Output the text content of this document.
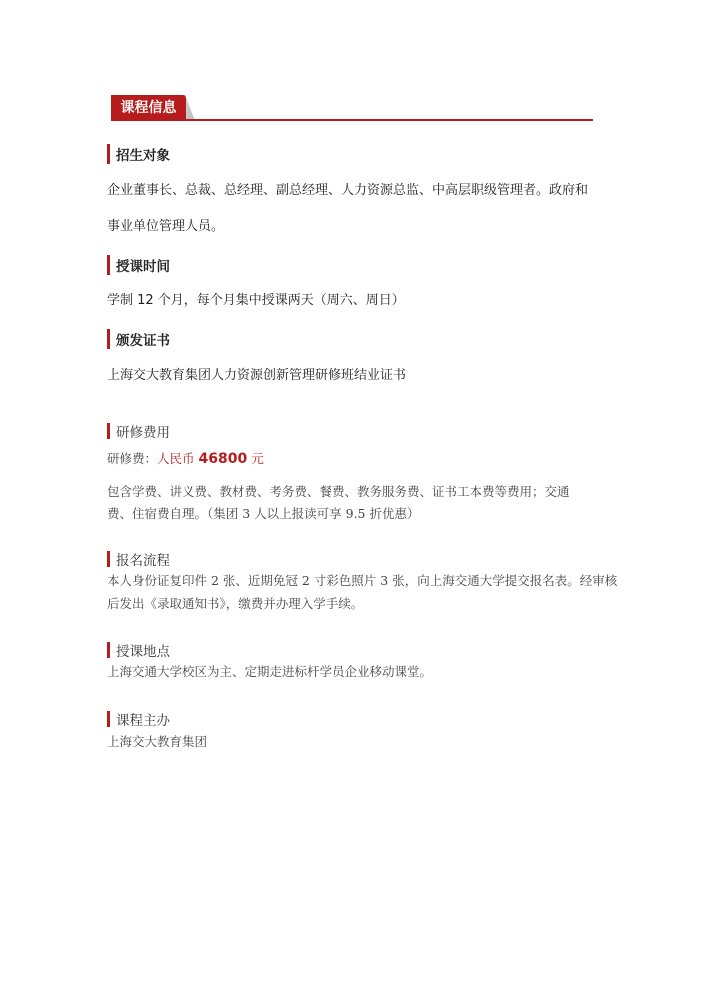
课程信息
招生对象
企业董事长、总裁、总经理、副总经理、人力资源总监、中高层职级管理者。政府和
事业单位管理人员。
授课时间
学制 12 个月，每个月集中授课两天（周六、周日）
颁发证书
上海交大教育集团人力资源创新管理研修班结业证书
研修费用
研修费：人民币 46800 元
包含学费、讲义费、教材费、考务费、餐费、教务服务费、证书工本费等费用；交通
费、住宿费自理。（集团 3 人以上报读可享 9.5 折优惠）
报名流程
本人身份证复印件 2 张、近期免冠 2 寸彩色照片 3 张，向上海交通大学提交报名表。经审核
后发出《录取通知书》，缴费并办理入学手续。
授课地点
上海交通大学校区为主、定期走进标杆学员企业移动课堂。
课程主办
上海交大教育集团
